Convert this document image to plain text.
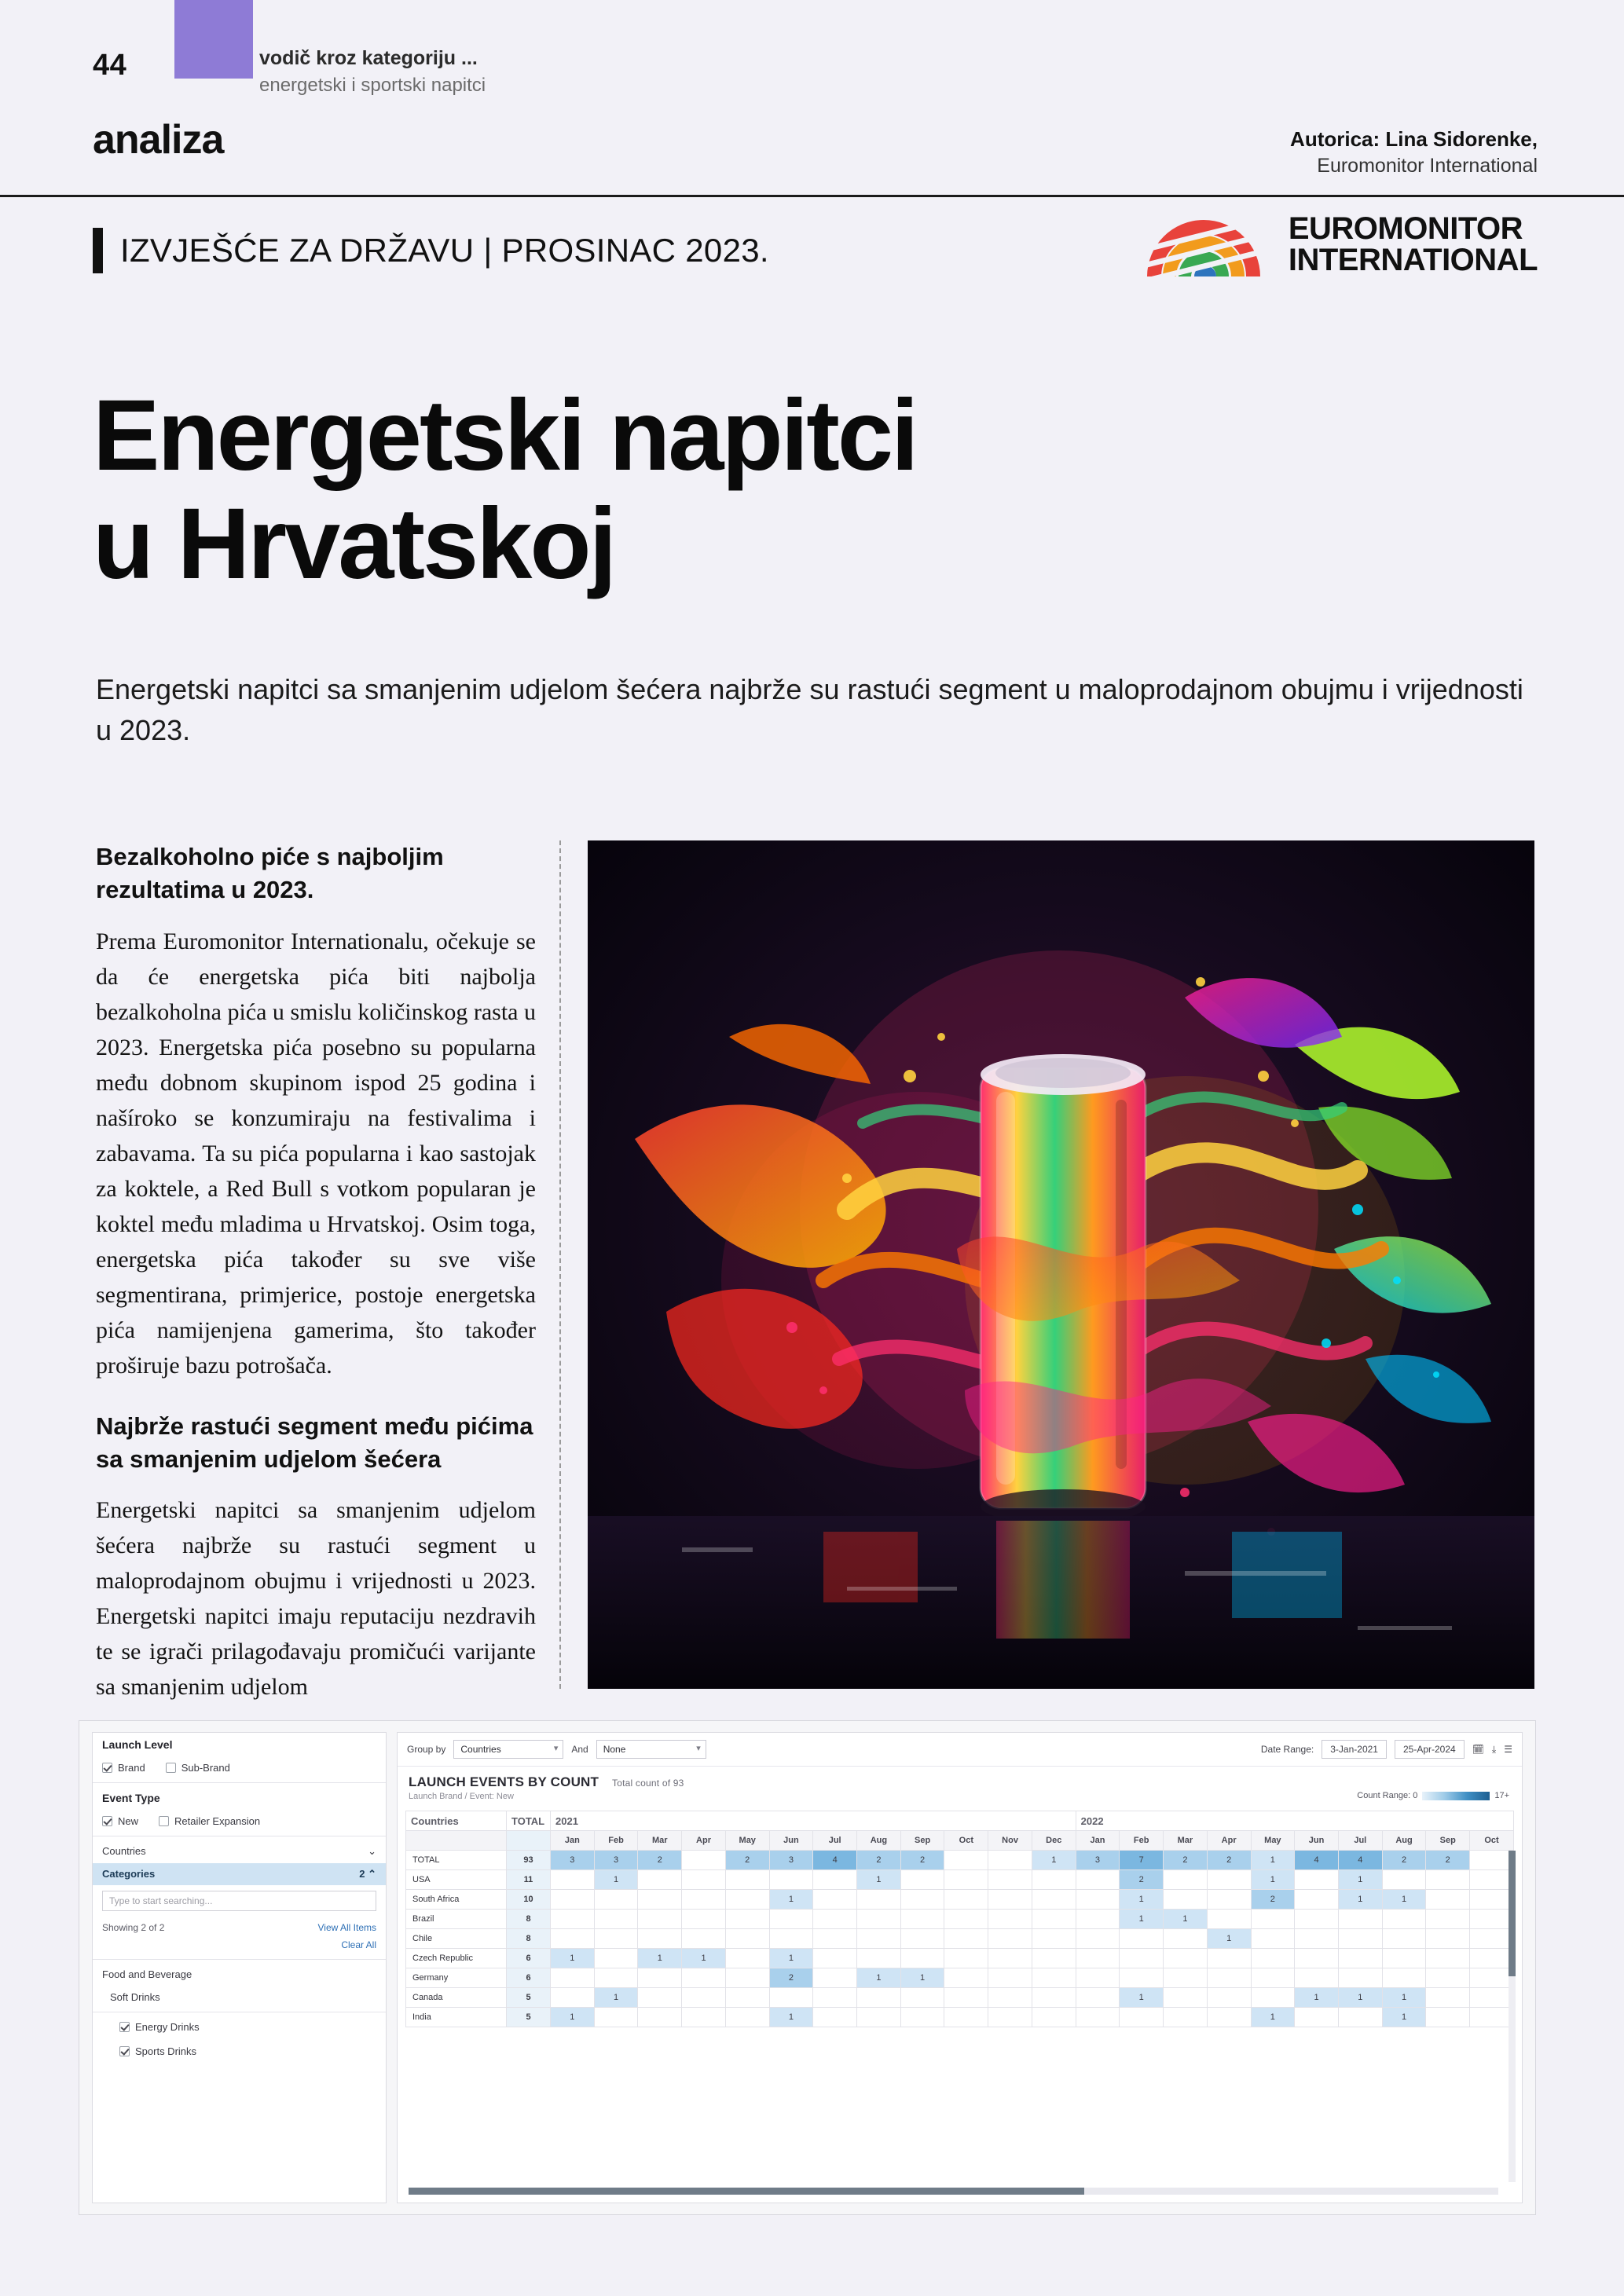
44	vodič kroz kategoriju ...
energetski i sportski napitci
analiza	Autorica: Lina Sidorenke,
Euromonitor International
IZVJEŠĆE ZA DRŽAVU | PROSINAC 2023.
EUROMONITOR
INTERNATIONAL
Energetski napitci
u Hrvatskoj
Energetski napitci sa smanjenim udjelom šećera najbrže su rastući segment u maloprodajnom obujmu i vrijednosti u 2023.
Bezalkoholno piće s najboljim rezultatima u 2023.

Prema Euromonitor Internationalu, očekuje se da će energetska pića biti najbolja bezalkoholna pića u smislu količinskog rasta u 2023. Energetska pića posebno su popularna među dobnom skupinom ispod 25 godina i našíroko se konzumiraju na festivalima i zabavama. Ta su pića popularna i kao sastojak za koktele, a Red Bull s votkom popularan je koktel među mladima u Hrvatskoj. Osim toga, energetska pića također su sve više segmentirana, primjerice, postoje energetska pića namijenjena gamerima, što također proširuje bazu potrošača.

Najbrže rastući segment među pićima sa smanjenim udjelom šećera

Energetski napitci sa smanjenim udjelom šećera najbrže su rastući segment u maloprodajnom obujmu i vrijednosti u 2023. Energetski napitci imaju reputaciju nezdravih te se igrači prilagođavaju promičući varijante sa smanjenim udjelom

Launch Level
Brand	Sub-Brand
Event Type
New	Retailer Expansion
Countries	⌄
Categories	2 ⌃
Type to start searching...
Showing 2 of 2	View All Items
Clear All
Food and Beverage
Soft Drinks
Energy Drinks
Sports Drinks
Group by	Countries ▾	And	None ▾	Date Range:	3-Jan-2021	25-Apr-2024	🗓 ⤓ ☰
LAUNCH EVENTS BY COUNT Total count of 93
Launch Brand / Event: New	Count Range: 0	17+
Countries	TOTAL	2021												2022									
		Jan	Feb	Mar	Apr	May	Jun	Jul	Aug	Sep	Oct	Nov	Dec	Jan	Feb	Mar	Apr	May	Jun	Jul	Aug	Sep	Oct
TOTAL	93	3	3	2		2	3	4	2	2			1	3	7	2	2	1	4	4	2	2	
USA	11		1						1						2			1		1			
South Africa	10						1								1			2		1	1		
Brazil	8														1	1							
Chile	8																1						
Czech Republic	6	1		1	1		1																
Germany	6						2		1	1													
Canada	5		1												1				1	1	1		
India	5	1					1											1			1		
